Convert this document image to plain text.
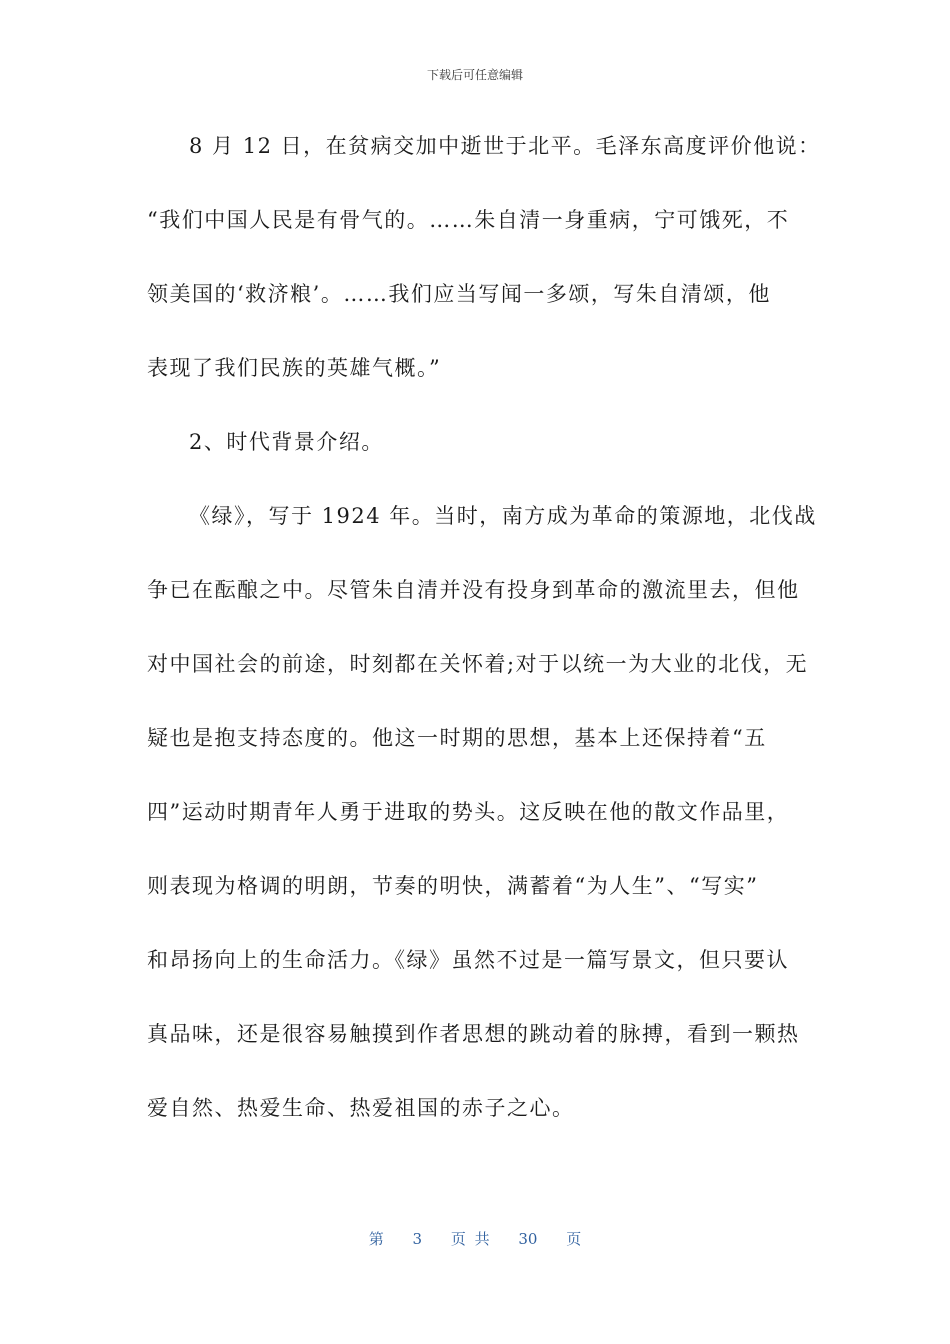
下载后可任意编辑
8 月 12 日，在贫病交加中逝世于北平。毛泽东高度评价他说：
“我们中国人民是有骨气的。……朱自清一身重病，宁可饿死，不
领美国的‘救济粮’。……我们应当写闻一多颂，写朱自清颂，他
表现了我们民族的英雄气概。”
2、时代背景介绍。
《绿》，写于 1924 年。当时，南方成为革命的策源地，北伐战
争已在酝酿之中。尽管朱自清并没有投身到革命的激流里去，但他
对中国社会的前途，时刻都在关怀着;对于以统一为大业的北伐，无
疑也是抱支持态度的。他这一时期的思想，基本上还保持着“五
四”运动时期青年人勇于进取的势头。这反映在他的散文作品里，
则表现为格调的明朗，节奏的明快，满蓄着“为人生”、“写实”
和昂扬向上的生命活力。《绿》虽然不过是一篇写景文，但只要认
真品味，还是很容易触摸到作者思想的跳动着的脉搏，看到一颗热
爱自然、热爱生命、热爱祖国的赤子之心。
第 3 页 共 30 页
